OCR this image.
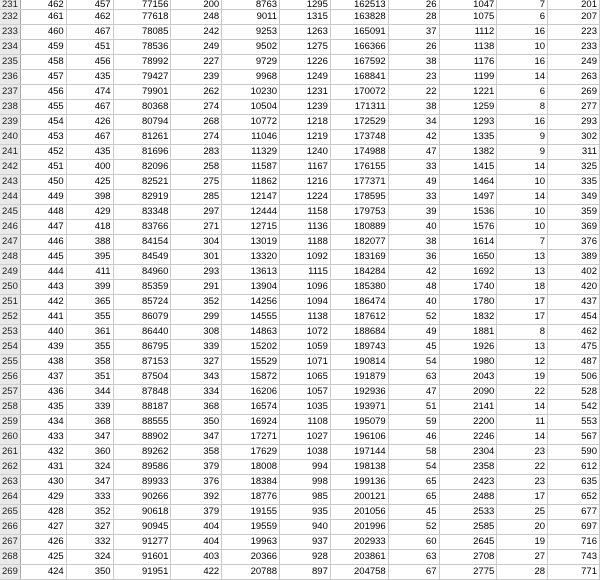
231	462	457	77156	200	8763	1295	162513	26	1047	7	201
232	461	462	77618	248	9011	1315	163828	28	1075	6	207
233	460	467	78085	242	9253	1263	165091	37	1112	16	223
234	459	451	78536	249	9502	1275	166366	26	1138	10	233
235	458	456	78992	227	9729	1226	167592	38	1176	16	249
236	457	435	79427	239	9968	1249	168841	23	1199	14	263
237	456	474	79901	262	10230	1231	170072	22	1221	6	269
238	455	467	80368	274	10504	1239	171311	38	1259	8	277
239	454	426	80794	268	10772	1218	172529	34	1293	16	293
240	453	467	81261	274	11046	1219	173748	42	1335	9	302
241	452	435	81696	283	11329	1240	174988	47	1382	9	311
242	451	400	82096	258	11587	1167	176155	33	1415	14	325
243	450	425	82521	275	11862	1216	177371	49	1464	10	335
244	449	398	82919	285	12147	1224	178595	33	1497	14	349
245	448	429	83348	297	12444	1158	179753	39	1536	10	359
246	447	418	83766	271	12715	1136	180889	40	1576	10	369
247	446	388	84154	304	13019	1188	182077	38	1614	7	376
248	445	395	84549	301	13320	1092	183169	36	1650	13	389
249	444	411	84960	293	13613	1115	184284	42	1692	13	402
250	443	399	85359	291	13904	1096	185380	48	1740	18	420
251	442	365	85724	352	14256	1094	186474	40	1780	17	437
252	441	355	86079	299	14555	1138	187612	52	1832	17	454
253	440	361	86440	308	14863	1072	188684	49	1881	8	462
254	439	355	86795	339	15202	1059	189743	45	1926	13	475
255	438	358	87153	327	15529	1071	190814	54	1980	12	487
256	437	351	87504	343	15872	1065	191879	63	2043	19	506
257	436	344	87848	334	16206	1057	192936	47	2090	22	528
258	435	339	88187	368	16574	1035	193971	51	2141	14	542
259	434	368	88555	350	16924	1108	195079	59	2200	11	553
260	433	347	88902	347	17271	1027	196106	46	2246	14	567
261	432	360	89262	358	17629	1038	197144	58	2304	23	590
262	431	324	89586	379	18008	994	198138	54	2358	22	612
263	430	347	89933	376	18384	998	199136	65	2423	23	635
264	429	333	90266	392	18776	985	200121	65	2488	17	652
265	428	352	90618	379	19155	935	201056	45	2533	25	677
266	427	327	90945	404	19559	940	201996	52	2585	20	697
267	426	332	91277	404	19963	937	202933	60	2645	19	716
268	425	324	91601	403	20366	928	203861	63	2708	27	743
269	424	350	91951	422	20788	897	204758	67	2775	28	771
